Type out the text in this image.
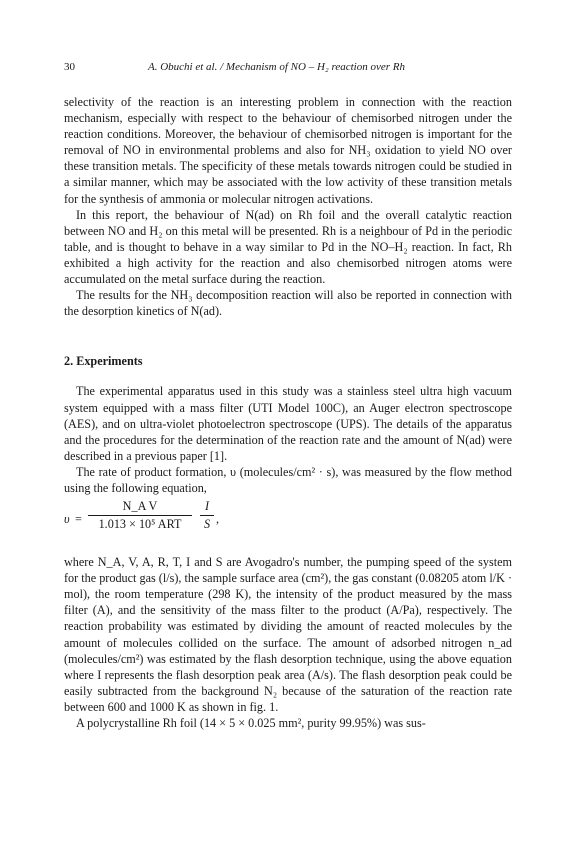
30	A. Obuchi et al. / Mechanism of NO – H₂ reaction over Rh

selectivity of the reaction is an interesting problem in connection with the reaction mechanism, especially with respect to the behaviour of chemisorbed nitrogen under the reaction conditions. Moreover, the behaviour of chemisorbed nitrogen is important for the removal of NO in environmental problems and also for NH₃ oxidation to yield NO over these transition metals. The specificity of these metals towards nitrogen could be studied in a similar manner, which may be associated with the low activity of these transition metals for the synthesis of ammonia or molecular nitrogen activations.

In this report, the behaviour of N(ad) on Rh foil and the overall catalytic reaction between NO and H₂ on this metal will be presented. Rh is a neighbour of Pd in the periodic table, and is thought to behave in a way similar to Pd in the NO–H₂ reaction. In fact, Rh exhibited a high activity for the reaction and also chemisorbed nitrogen atoms were accumulated on the metal surface during the reaction.

The results for the NH₃ decomposition reaction will also be reported in connection with the desorption kinetics of N(ad).

2. Experiments

The experimental apparatus used in this study was a stainless steel ultra high vacuum system equipped with a mass filter (UTI Model 100C), an Auger electron spectroscope (AES), and on ultra-violet photoelectron spectroscope (UPS). The details of the apparatus and the procedures for the determination of the reaction rate and the amount of N(ad) were described in a previous paper [1].

The rate of product formation, υ (molecules/cm² · s), was measured by the flow method using the following equation,

υ =
N_A V
1.013 × 10⁵ ART	$\frac{I}{S}$ ,

where N_A, V, A, R, T, I and S are Avogadro's number, the pumping speed of the system for the product gas (l/s), the sample surface area (cm²), the gas constant (0.08205 atom l/K · mol), the room temperature (298 K), the intensity of the product measured by the mass filter (A), and the sensitivity of the mass filter to the product (A/Pa), respectively. The reaction probability was estimated by dividing the amount of reacted molecules by the amount of molecules collided on the surface. The amount of adsorbed nitrogen n_ad (molecules/cm²) was estimated by the flash desorption technique, using the above equation where I represents the flash desorption peak area (A/s). The flash desorption peak could be easily subtracted from the background N₂ because of the saturation of the reaction rate between 600 and 1000 K as shown in fig. 1.

A polycrystalline Rh foil (14 × 5 × 0.025 mm², purity 99.95%) was sus-
